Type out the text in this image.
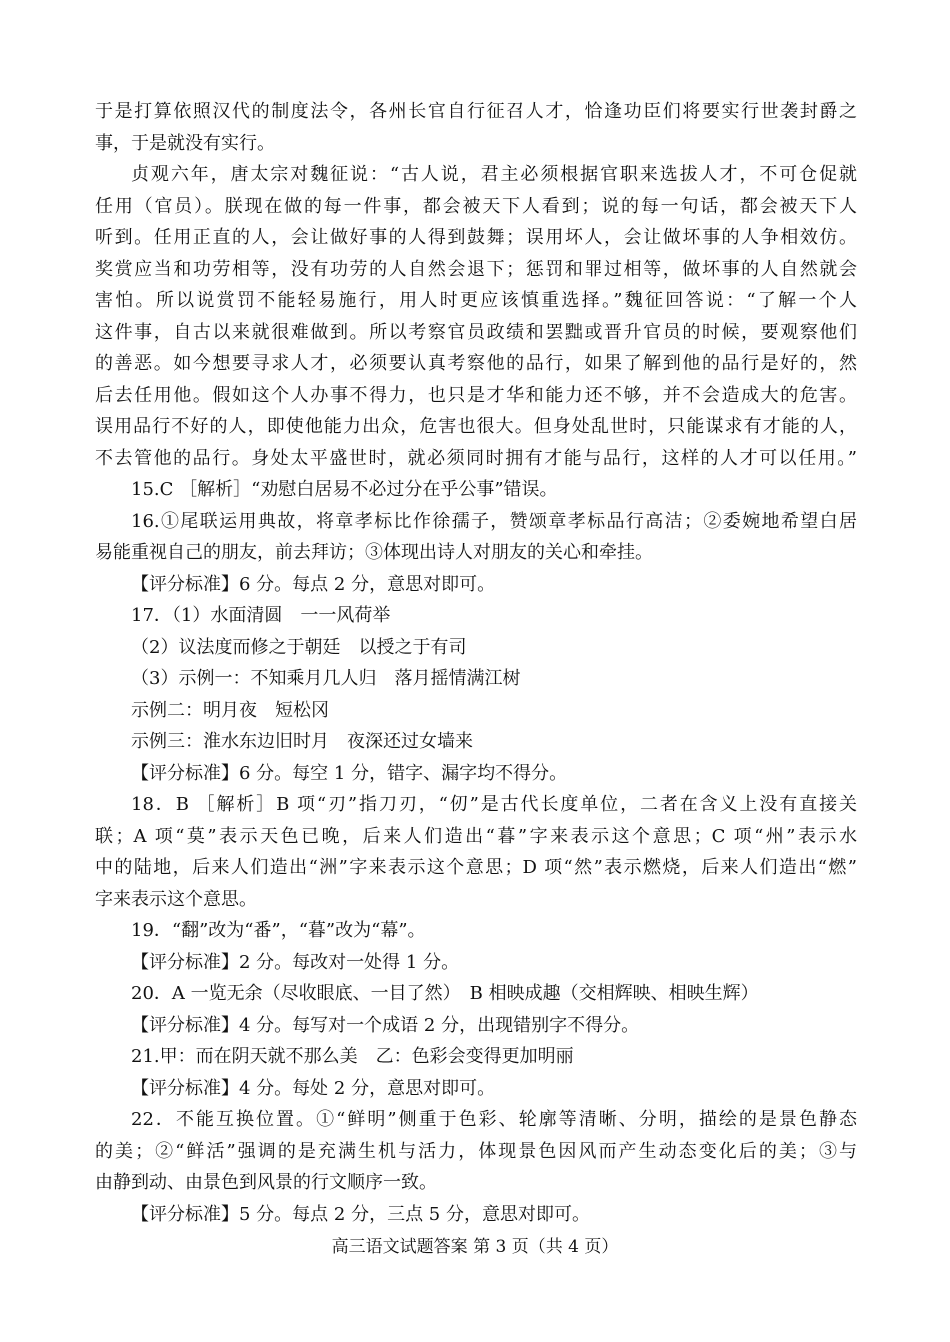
于是打算依照汉代的制度法令，各州长官自行征召人才，恰逢功臣们将要实行世袭封爵之
事，于是就没有实行。
贞观六年，唐太宗对魏征说：“古人说，君主必须根据官职来选拔人才，不可仓促就
任用（官员）。朕现在做的每一件事，都会被天下人看到；说的每一句话，都会被天下人
听到。任用正直的人，会让做好事的人得到鼓舞；误用坏人，会让做坏事的人争相效仿。
奖赏应当和功劳相等，没有功劳的人自然会退下；惩罚和罪过相等，做坏事的人自然就会
害怕。所以说赏罚不能轻易施行，用人时更应该慎重选择。”魏征回答说：“了解一个人
这件事，自古以来就很难做到。所以考察官员政绩和罢黜或晋升官员的时候，要观察他们
的善恶。如今想要寻求人才，必须要认真考察他的品行，如果了解到他的品行是好的，然
后去任用他。假如这个人办事不得力，也只是才华和能力还不够，并不会造成大的危害。
误用品行不好的人，即使他能力出众，危害也很大。但身处乱世时，只能谋求有才能的人，
不去管他的品行。身处太平盛世时，就必须同时拥有才能与品行，这样的人才可以任用。”
15.C ［解析］“劝慰白居易不必过分在乎公事”错误。
16.①尾联运用典故，将章孝标比作徐孺子，赞颂章孝标品行高洁；②委婉地希望白居
易能重视自己的朋友，前去拜访；③体现出诗人对朋友的关心和牵挂。
【评分标准】6 分。每点 2 分，意思对即可。
17．（1）水面清圆　一一风荷举
（2）议法度而修之于朝廷　以授之于有司
（3）示例一：不知乘月几人归　落月摇情满江树
示例二：明月夜　短松冈
示例三：淮水东边旧时月　夜深还过女墙来
【评分标准】6 分。每空 1 分，错字、漏字均不得分。
18．B ［解析］B 项“刃”指刀刃，“仞”是古代长度单位，二者在含义上没有直接关
联；A 项“莫”表示天色已晚，后来人们造出“暮”字来表示这个意思；C 项“州”表示水
中的陆地，后来人们造出“洲”字来表示这个意思；D 项“然”表示燃烧，后来人们造出“燃”
字来表示这个意思。
19．“翻”改为“番”，“暮”改为“幕”。
【评分标准】2 分。每改对一处得 1 分。
20．A 一览无余（尽收眼底、一目了然）　B 相映成趣（交相辉映、相映生辉）
【评分标准】4 分。每写对一个成语 2 分，出现错别字不得分。
21.甲：而在阴天就不那么美　乙：色彩会变得更加明丽
【评分标准】4 分。每处 2 分，意思对即可。
22．不能互换位置。①“鲜明”侧重于色彩、轮廓等清晰、分明，描绘的是景色静态
的美；②“鲜活”强调的是充满生机与活力，体现景色因风而产生动态变化后的美；③与
由静到动、由景色到风景的行文顺序一致。
【评分标准】5 分。每点 2 分，三点 5 分，意思对即可。
高三语文试题答案 第 3 页（共 4 页）
